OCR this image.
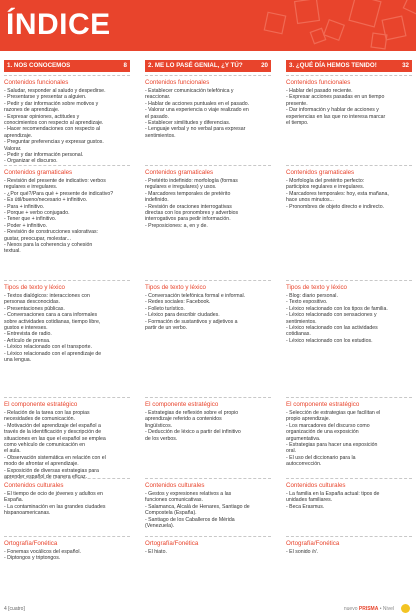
ÍNDICE
1. NOS CONOCEMOS	8
Contenidos funcionales
- Saludar, responder al saludo y despedirse.
- Presentarse y presentar a alguien.
- Pedir y dar información sobre motivos y
razones de aprendizaje.
- Expresar opiniones, actitudes y
conocimientos con respecto al aprendizaje.
- Hacer recomendaciones con respecto al
aprendizaje.
- Preguntar preferencias y expresar gustos.
Valorar.
- Pedir y dar información personal.
- Organizar el discurso.
Contenidos gramaticales
- Revisión del presente de indicativo: verbos
regulares e irregulares.
- ¿Por qué?/Para qué + presente de indicativo?
- Es útil/bueno/necesario + infinitivo.
- Para + infinitivo.
- Porque + verbo conjugado.
- Tener que + infinitivo.
- Poder + infinitivo.
- Revisión de construcciones valorativas:
gustar, preocupar, molestar...
- Nexos para la coherencia y cohesión
textual.
Tipos de texto y léxico
- Textos dialógicos: interacciones con
personas desconocidas.
- Presentaciones públicas.
- Conversaciones cara a cara informales
sobre actividades cotidianas, tiempo libre,
gustos e intereses.
- Entrevista de radio.
- Artículo de prensa.
- Léxico relacionado con el transporte.
- Léxico relacionado con el aprendizaje de
una lengua.
El componente estratégico
- Relación de la tarea con las propias
necesidades de comunicación.
- Motivación del aprendizaje del español a
través de la identificación y descripción de
situaciones en las que el español se emplea
como vehículo de comunicación en
el aula.
- Observación sistemática en relación con el
modo de afrontar el aprendizaje.
- Exposición de diversas estrategias para
aprender español de manera eficaz.
Contenidos culturales
- El tiempo de ocio de jóvenes y adultos en
España.
- La contaminación en las grandes ciudades
hispanoamericanas.
Ortografía/Fonética
- Fonemas vocálicos del español.
- Diptongos y triptongos.
2. ME LO PASÉ GENIAL, ¿Y TÚ?	20
Contenidos funcionales
- Establecer comunicación telefónica y
reaccionar.
- Hablar de acciones puntuales en el pasado.
- Valorar una experiencia o viaje realizado en
el pasado.
- Establecer similitudes y diferencias.
- Lenguaje verbal y no verbal para expresar
sentimientos.
Contenidos gramaticales
- Pretérito indefinido: morfología (formas
regulares e irregulares) y usos.
- Marcadores temporales de pretérito
indefinido.
- Revisión de oraciones interrogativas
directas con los pronombres y adverbios
interrogativos para pedir información.
- Preposiciones: a, en y de.
Tipos de texto y léxico
- Conversación telefónica formal e informal.
- Redes sociales: Facebook.
- Folleto turístico.
- Léxico para describir ciudades.
- Formación de sustantivos y adjetivos a
partir de un verbo.
El componente estratégico
- Estrategias de reflexión sobre el propio
aprendizaje referido a contenidos
lingüísticos.
- Deducción de léxico a partir del infinitivo
de los verbos.
Contenidos culturales
- Gestos y expresiones relativos a las
funciones comunicativas.
- Salamanca, Alcalá de Henares, Santiago de
Compostela (España).
- Santiago de los Caballeros de Mérida
(Venezuela).
Ortografía/Fonética
- El hiato.
3. ¿QUÉ DÍA HEMOS TENIDO!	32
Contenidos funcionales
- Hablar del pasado reciente.
- Expresar acciones pasadas en un tiempo
presente.
- Dar información y hablar de acciones y
experiencias en las que no interesa marcar
el tiempo.
Contenidos gramaticales
- Morfología del pretérito perfecto:
participios regulares e irregulares.
- Marcadores temporales: hoy, esta mañana,
hace unos minutos...
- Pronombres de objeto directo e indirecto.
Tipos de texto y léxico
- Blog: diario personal.
- Texto expositivo.
- Léxico relacionado con los tipos de familia.
- Léxico relacionado con sensaciones y
sentimientos.
- Léxico relacionado con las actividades
cotidianas.
- Léxico relacionado con los estudios.
El componente estratégico
- Selección de estrategias que facilitan el
propio aprendizaje.
- Los marcadores del discurso como
organización de una exposición
argumentativa.
- Estrategias para hacer una exposición
oral.
- El uso del diccionario para la
autocorrección.
Contenidos culturales
- La familia en la España actual: tipos de
unidades familiares.
- Beca Erasmus.
Ortografía/Fonética
- El sonido /r/.
4 [cuatro]	nuevo PRISMA • Nivel
